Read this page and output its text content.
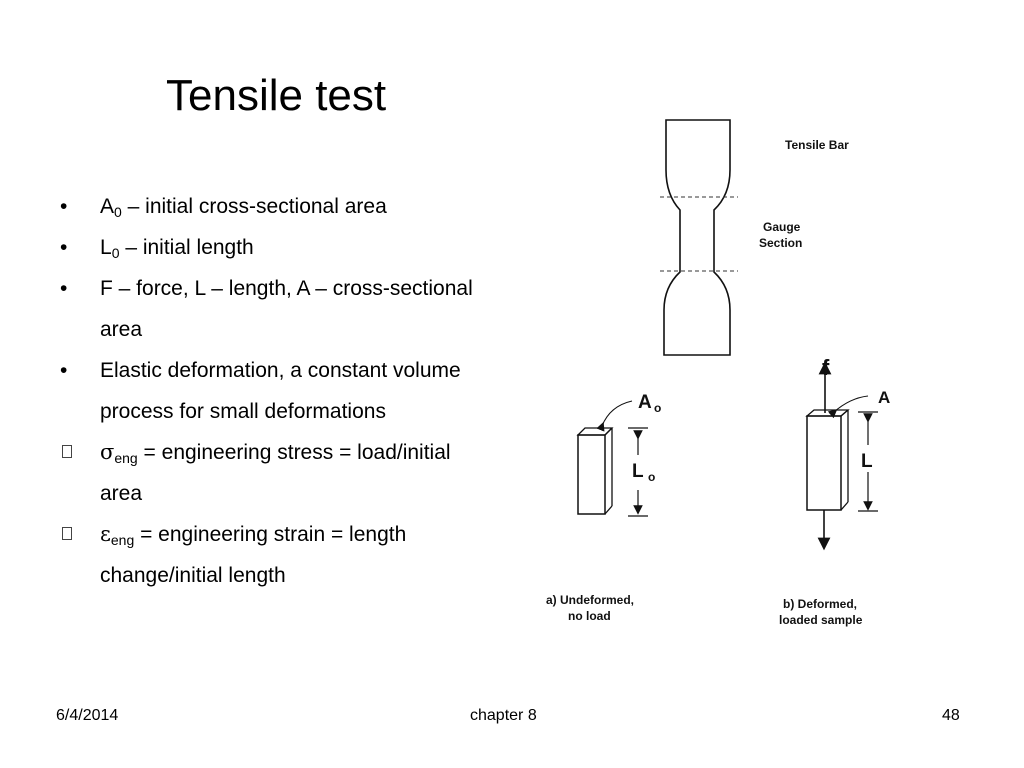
Tensile test
•	$A_0$ – initial cross-sectional area
•	$L_0$ – initial length
•	F – force, L – length, A – cross-sectional area
•	Elastic deformation, a constant volume process for small deformations
$\sigma_{eng}$ = engineering stress = load/initial area
$\varepsilon_{eng}$ = engineering strain = length change/initial length
Tensile Bar
Gauge
Section
A o
L o
a) Undeformed,
no load
f
A
L
b) Deformed,
loaded sample
6/4/2014	chapter 8	48
